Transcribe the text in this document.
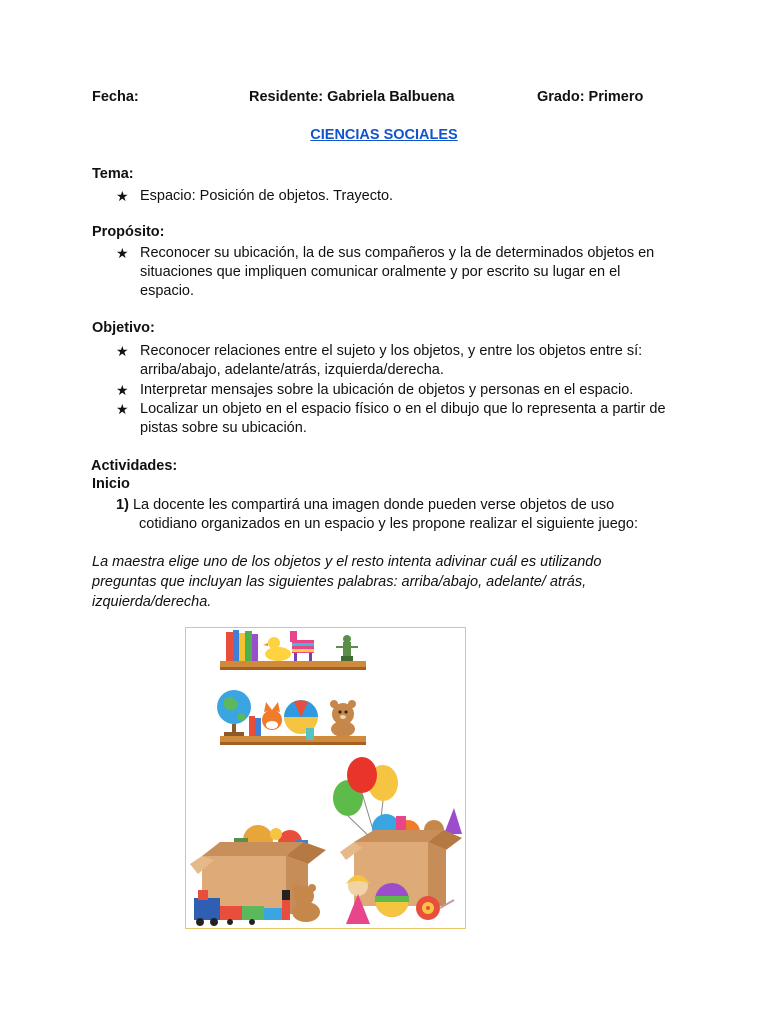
Fecha:	Residente: Gabriela Balbuena	Grado: Primero
CIENCIAS SOCIALES
Tema:
★ Espacio: Posición de objetos. Trayecto.
Propósito:
★ Reconocer su ubicación, la de sus compañeros y la de determinados objetos en situaciones que impliquen comunicar oralmente y por escrito su lugar en el espacio.
Objetivo:
★ Reconocer relaciones entre el sujeto y los objetos, y entre los objetos entre sí: arriba/abajo, adelante/atrás, izquierda/derecha.
★ Interpretar mensajes sobre la ubicación de objetos y personas en el espacio.
★ Localizar un objeto en el espacio físico o en el dibujo que lo representa a partir de pistas sobre su ubicación.
Actividades:
Inicio
1) La docente les compartirá una imagen donde pueden verse objetos de uso
cotidiano organizados en un espacio y les propone realizar el siguiente juego:
La maestra elige uno de los objetos y el resto intenta adivinar cuál es utilizando preguntas que incluyan las siguientes palabras: arriba/abajo, adelante/ atrás, izquierda/derecha.
